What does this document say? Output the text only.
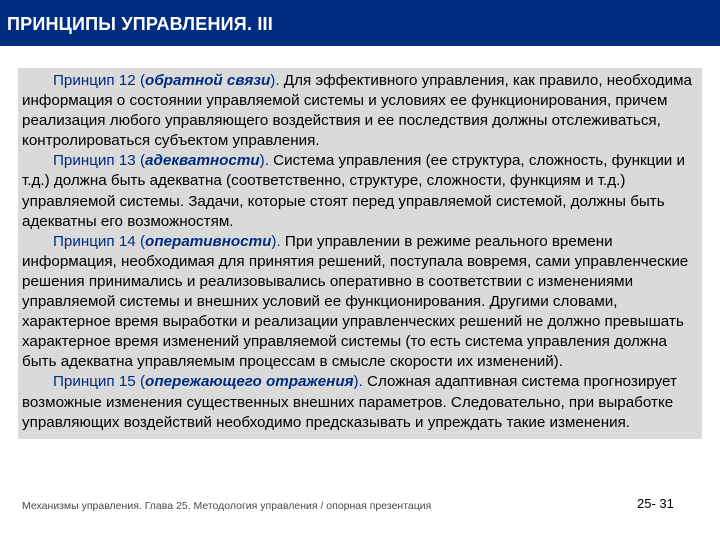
ПРИНЦИПЫ УПРАВЛЕНИЯ. III

Принцип 12 (обратной связи). Для эффективного управления, как правило, необходима информация о состоянии управляемой системы и условиях ее функционирования, причем реализация любого управляющего воздействия и ее последствия должны отслеживаться, контролироваться субъектом управления.

Принцип 13 (адекватности). Система управления (ее структура, сложность, функции и т.д.) должна быть адекватна (соответственно, структуре, сложности, функциям и т.д.) управляемой системы. Задачи, которые стоят перед управляемой системой, должны быть адекватны его возможностям.

Принцип 14 (оперативности). При управлении в режиме реального времени информация, необходимая для принятия решений, поступала вовремя, сами управленческие решения принимались и реализовывались оперативно в соответствии с изменениями управляемой системы и внешних условий ее функционирования. Другими словами, характерное время выработки и реализации управленческих решений не должно превышать характерное время изменений управляемой системы (то есть система управления должна быть адекватна управляемым процессам в смысле скорости их изменений).

Принцип 15 (опережающего отражения). Сложная адаптивная система прогнозирует возможные изменения существенных внешних параметров. Следовательно, при выработке управляющих воздействий необходимо предсказывать и упреждать такие изменения.

Механизмы управления. Глава 25. Методология управления / опорная презентация	25- 31
